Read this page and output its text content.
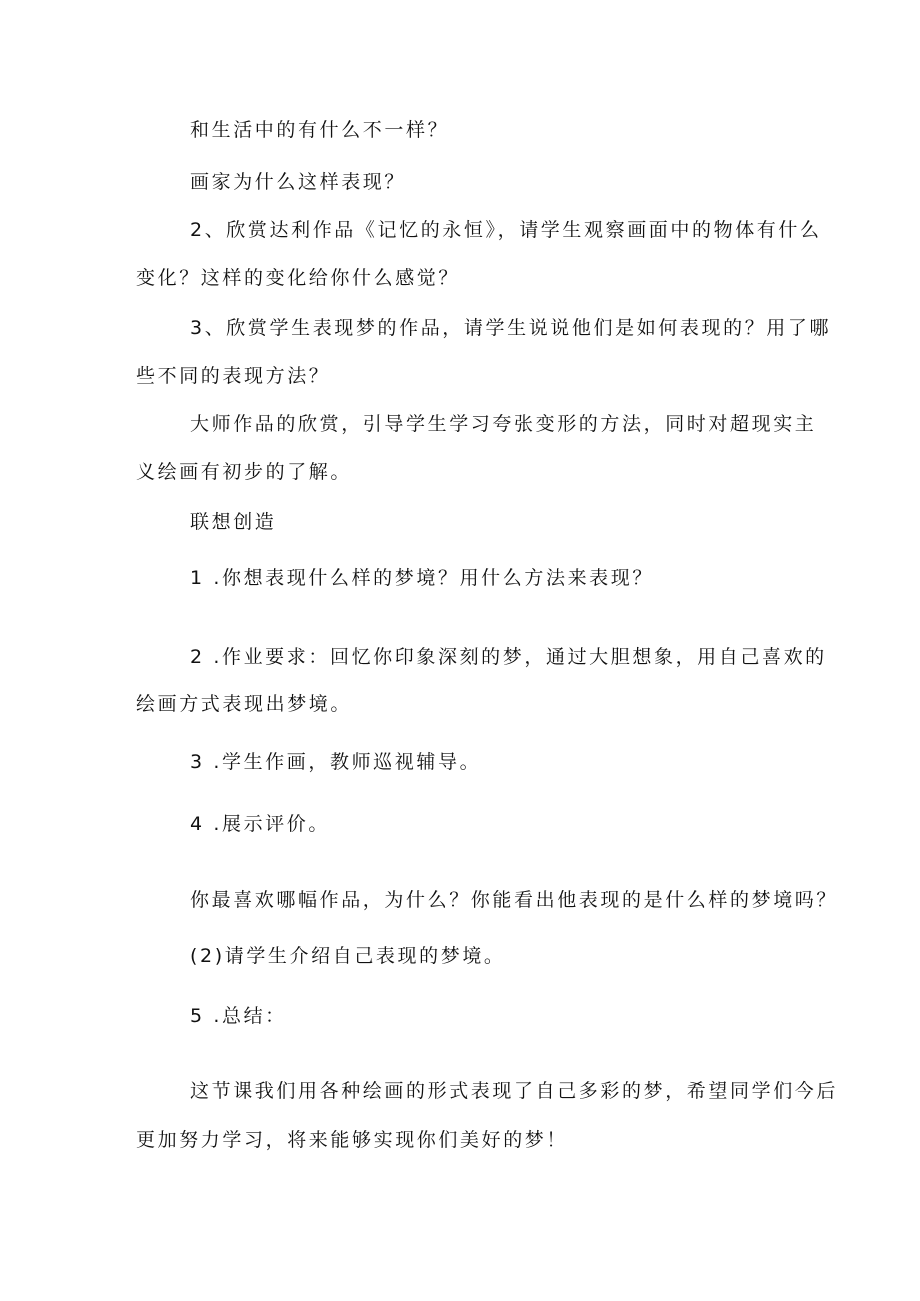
和生活中的有什么不一样？
画家为什么这样表现？
2、欣赏达利作品《记忆的永恒》，请学生观察画面中的物体有什么
变化？这样的变化给你什么感觉？
3、欣赏学生表现梦的作品，请学生说说他们是如何表现的？用了哪
些不同的表现方法？
大师作品的欣赏，引导学生学习夸张变形的方法，同时对超现实主
义绘画有初步的了解。
联想创造
1 .你想表现什么样的梦境？用什么方法来表现？
2 .作业要求：回忆你印象深刻的梦，通过大胆想象，用自己喜欢的
绘画方式表现出梦境。
3 .学生作画，教师巡视辅导。
4 .展示评价。
你最喜欢哪幅作品，为什么？你能看出他表现的是什么样的梦境吗？
(2)请学生介绍自己表现的梦境。
5 .总结：
这节课我们用各种绘画的形式表现了自己多彩的梦，希望同学们今后
更加努力学习，将来能够实现你们美好的梦！
